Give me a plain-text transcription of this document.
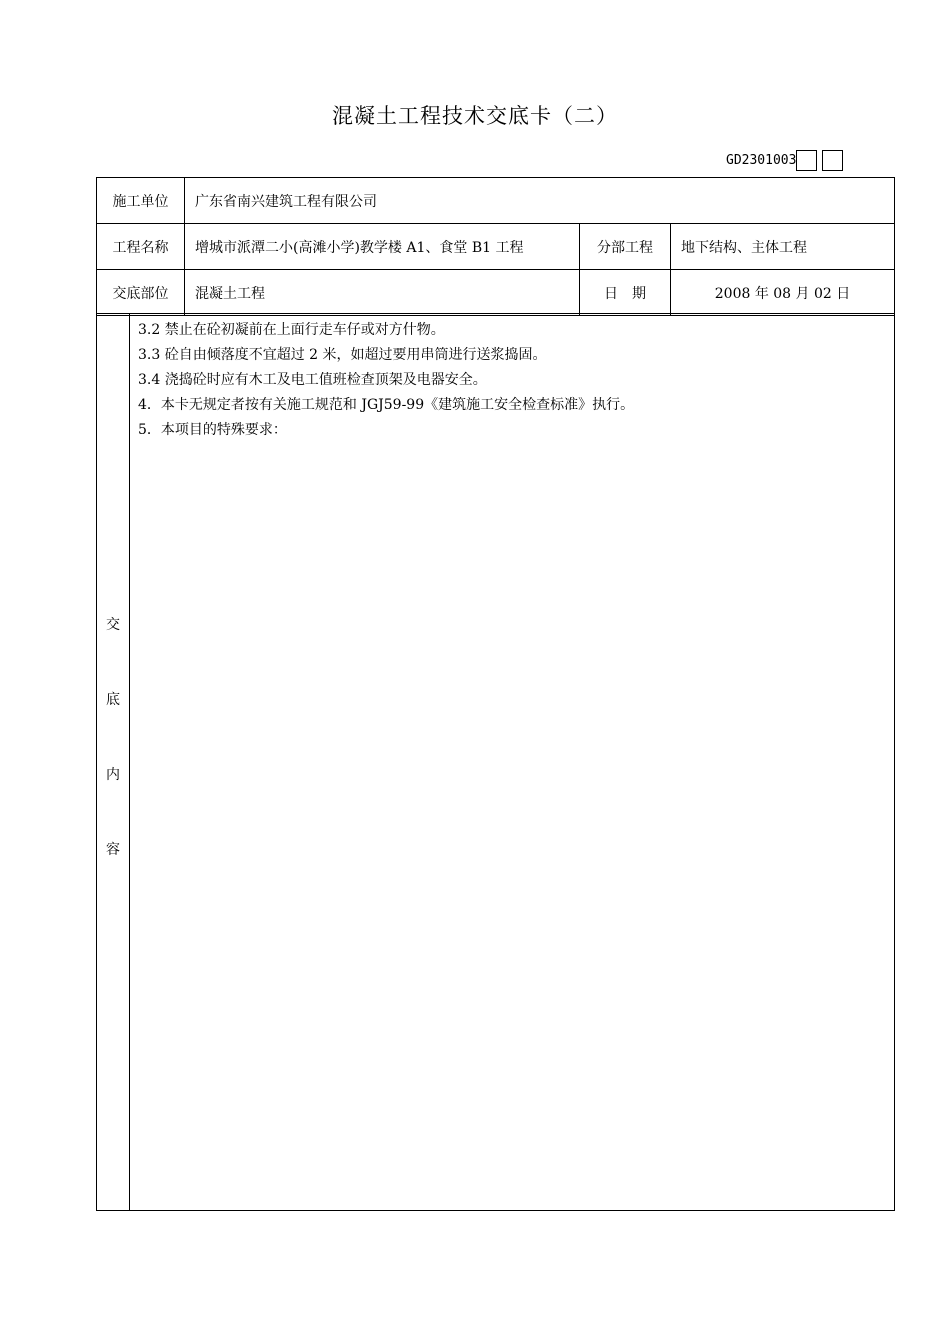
混凝土工程技术交底卡（二）
GD2301003
施工单位	广东省南兴建筑工程有限公司		
工程名称	增城市派潭二小(高滩小学)教学楼 A1、食堂 B1 工程	分部工程	地下结构、主体工程
交底部位	混凝土工程	日　期	2008 年 08 月 02 日
交
底
内
容

3.2 禁止在砼初凝前在上面行走车仔或对方什物。
3.3 砼自由倾落度不宜超过 2 米，如超过要用串筒进行送浆捣固。
3.4 浇捣砼时应有木工及电工值班检查顶架及电器安全。
4．本卡无规定者按有关施工规范和 JGJ59-99《建筑施工安全检查标准》执行。
5．本项目的特殊要求：
